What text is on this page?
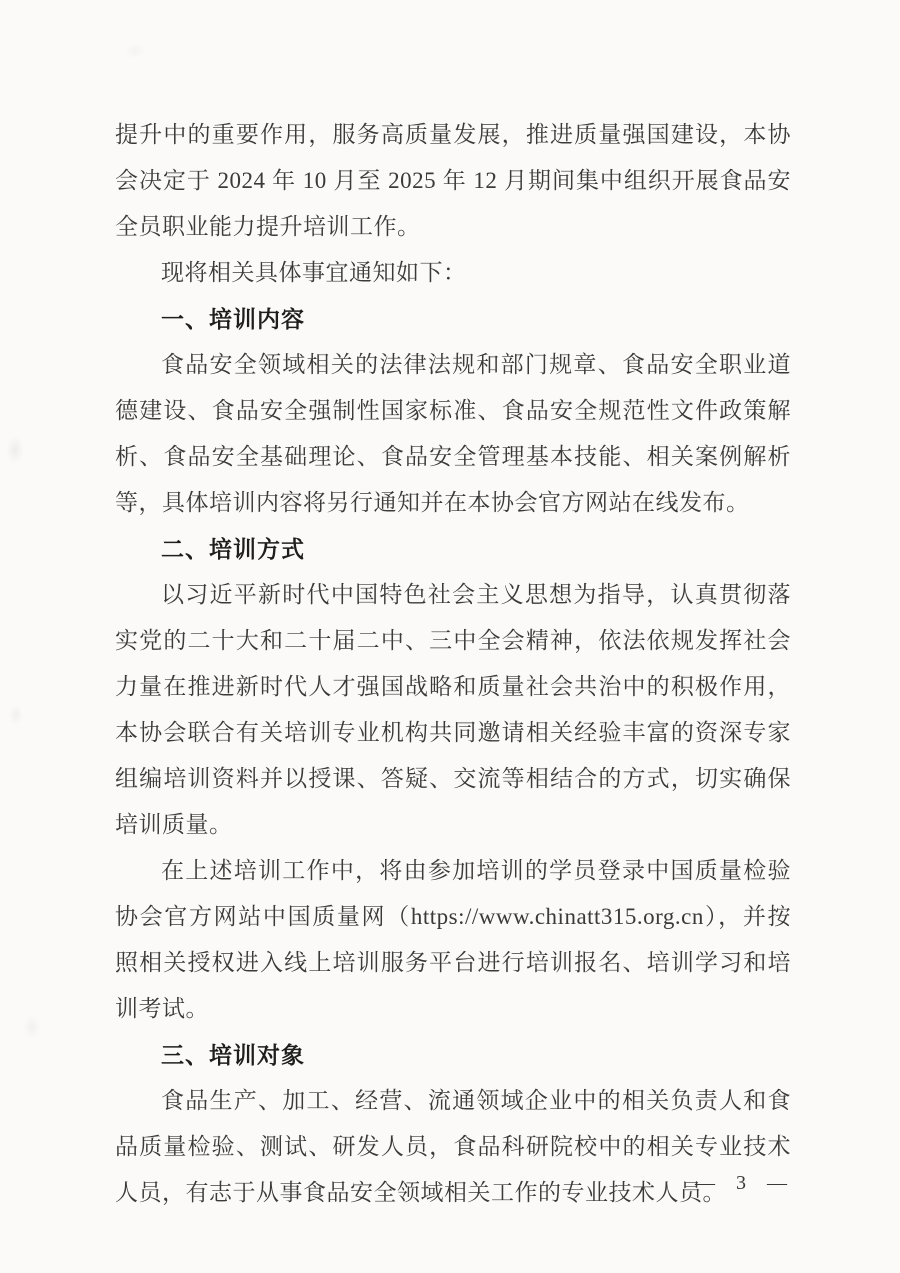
提升中的重要作用，服务高质量发展，推进质量强国建设，本协会决定于 2024 年 10 月至 2025 年 12 月期间集中组织开展食品安全员职业能力提升培训工作。

现将相关具体事宜通知如下：

一、培训内容

食品安全领域相关的法律法规和部门规章、食品安全职业道德建设、食品安全强制性国家标准、食品安全规范性文件政策解析、食品安全基础理论、食品安全管理基本技能、相关案例解析等，具体培训内容将另行通知并在本协会官方网站在线发布。

二、培训方式

以习近平新时代中国特色社会主义思想为指导，认真贯彻落实党的二十大和二十届二中、三中全会精神，依法依规发挥社会力量在推进新时代人才强国战略和质量社会共治中的积极作用，本协会联合有关培训专业机构共同邀请相关经验丰富的资深专家组编培训资料并以授课、答疑、交流等相结合的方式，切实确保培训质量。

在上述培训工作中，将由参加培训的学员登录中国质量检验协会官方网站中国质量网（https://www.chinatt315.org.cn），并按照相关授权进入线上培训服务平台进行培训报名、培训学习和培训考试。

三、培训对象

食品生产、加工、经营、流通领域企业中的相关负责人和食品质量检验、测试、研发人员，食品科研院校中的相关专业技术人员，有志于从事食品安全领域相关工作的专业技术人员。

— 3 —
